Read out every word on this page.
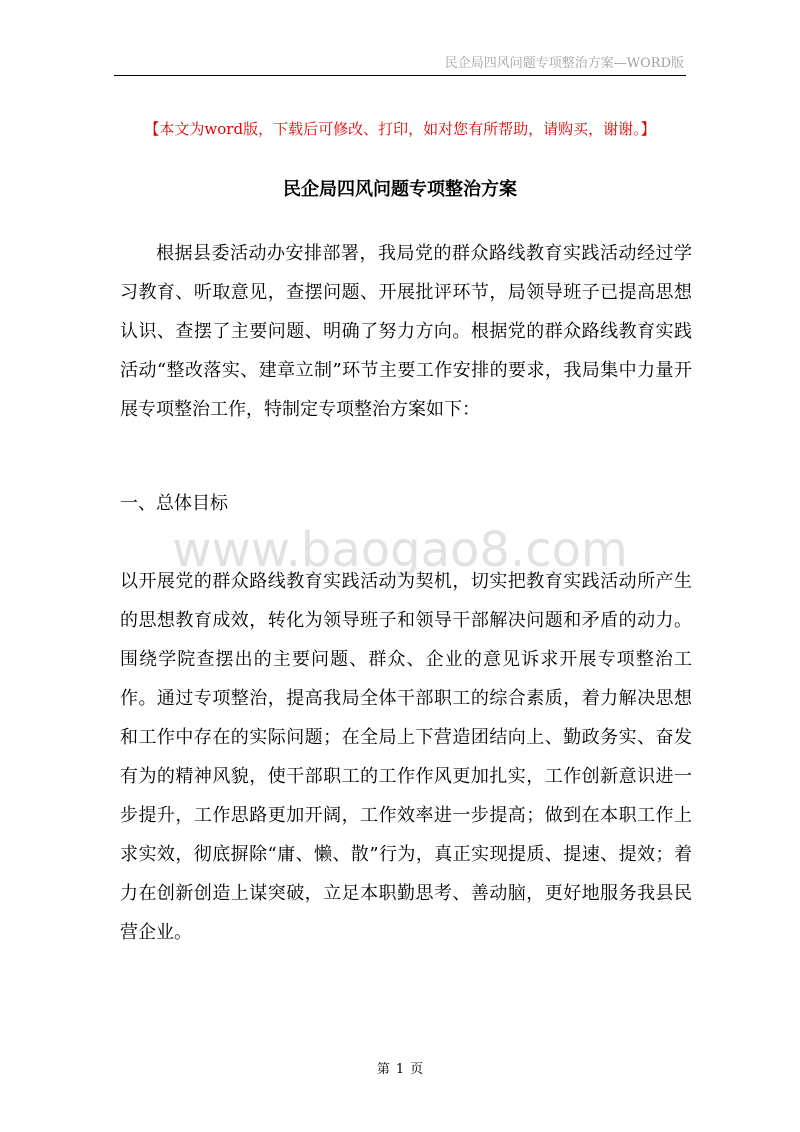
民企局四风问题专项整治方案—WORD版
【本文为word版，下载后可修改、打印，如对您有所帮助，请购买，谢谢。】
民企局四风问题专项整治方案
根据县委活动办安排部署，我局党的群众路线教育实践活动经过学习教育、听取意见，查摆问题、开展批评环节，局领导班子已提高思想认识、查摆了主要问题、明确了努力方向。根据党的群众路线教育实践活动“整改落实、建章立制”环节主要工作安排的要求，我局集中力量开展专项整治工作，特制定专项整治方案如下：
一、总体目标
www.baogao8.com
以开展党的群众路线教育实践活动为契机，切实把教育实践活动所产生的思想教育成效，转化为领导班子和领导干部解决问题和矛盾的动力。围绕学院查摆出的主要问题、群众、企业的意见诉求开展专项整治工作。通过专项整治，提高我局全体干部职工的综合素质，着力解决思想和工作中存在的实际问题；在全局上下营造团结向上、勤政务实、奋发有为的精神风貌，使干部职工的工作作风更加扎实，工作创新意识进一步提升，工作思路更加开阔，工作效率进一步提高；做到在本职工作上求实效，彻底摒除“庸、懒、散”行为，真正实现提质、提速、提效；着力在创新创造上谋突破，立足本职勤思考、善动脑，更好地服务我县民营企业。
第 1 页
